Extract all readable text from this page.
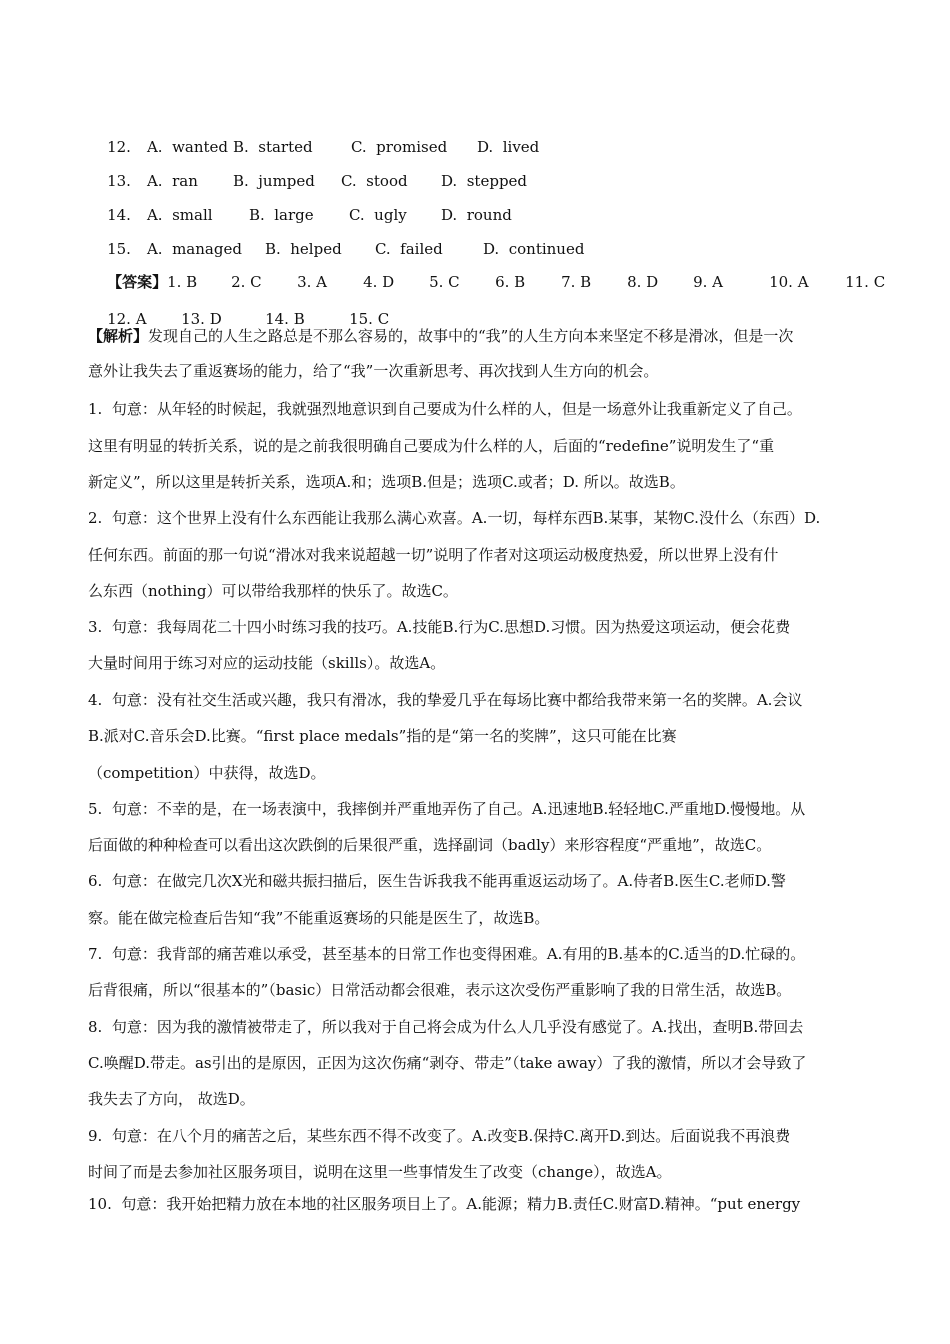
12. A.  wanted B.  started	C.  promised D.  lived

13. A.  ran B.  jumped C.  stood D.  stepped

14. A.  small B.  large C.  ugly D.  round

15. A.  managed B.  helped C.  failed	D.  continued

【答案】1. B 2. C 3. A 4. D 5. C 6. B 7. B 8. D 9. A	10. A 11. C

12. A 13. D	14. B	15. C

【解析】发现自己的人生之路总是不那么容易的，故事中的“我”的人生方向本来坚定不移是滑冰，但是一次
意外让我失去了重返赛场的能力，给了“我”一次重新思考、再次找到人生方向的机会。
1.  句意：从年轻的时候起，我就强烈地意识到自己要成为什么样的人，但是一场意外让我重新定义了自己。
这里有明显的转折关系，说的是之前我很明确自己要成为什么样的人，后面的“redefine”说明发生了“重
新定义”，所以这里是转折关系，选项A.和；选项B.但是；选项C.或者；D. 所以。故选B。
2.  句意：这个世界上没有什么东西能让我那么满心欢喜。A.一切，每样东西B.某事，某物C.没什么（东西）D.
任何东西。前面的那一句说“滑冰对我来说超越一切”说明了作者对这项运动极度热爱，所以世界上没有什
么东西（nothing）可以带给我那样的快乐了。故选C。
3.  句意：我每周花二十四小时练习我的技巧。A.技能B.行为C.思想D.习惯。因为热爱这项运动，便会花费
大量时间用于练习对应的运动技能（skills）。故选A。
4.  句意：没有社交生活或兴趣，我只有滑冰，我的挚爱几乎在每场比赛中都给我带来第一名的奖牌。A.会议
B.派对C.音乐会D.比赛。“first place medals”指的是“第一名的奖牌”，这只可能在比赛
（competition）中获得，故选D。
5.  句意：不幸的是，在一场表演中，我摔倒并严重地弄伤了自己。A.迅速地B.轻轻地C.严重地D.慢慢地。从
后面做的种种检查可以看出这次跌倒的后果很严重，选择副词（badly）来形容程度“严重地”，故选C。
6.  句意：在做完几次X光和磁共振扫描后，医生告诉我我不能再重返运动场了。A.侍者B.医生C.老师D.警
察。能在做完检查后告知“我”不能重返赛场的只能是医生了，故选B。
7.  句意：我背部的痛苦难以承受，甚至基本的日常工作也变得困难。A.有用的B.基本的C.适当的D.忙碌的。
后背很痛，所以“很基本的”（basic）日常活动都会很难，表示这次受伤严重影响了我的日常生活，故选B。
8.  句意：因为我的激情被带走了，所以我对于自己将会成为什么人几乎没有感觉了。A.找出，查明B.带回去
C.唤醒D.带走。as引出的是原因，正因为这次伤痛“剥夺、带走”（take away）了我的激情，所以才会导致了
我失去了方向， 故选D。
9.  句意：在八个月的痛苦之后，某些东西不得不改变了。A.改变B.保持C.离开D.到达。后面说我不再浪费
时间了而是去参加社区服务项目，说明在这里一些事情发生了改变（change），故选A。
10.  句意：我开始把精力放在本地的社区服务项目上了。A.能源；精力B.责任C.财富D.精神。“put energy
